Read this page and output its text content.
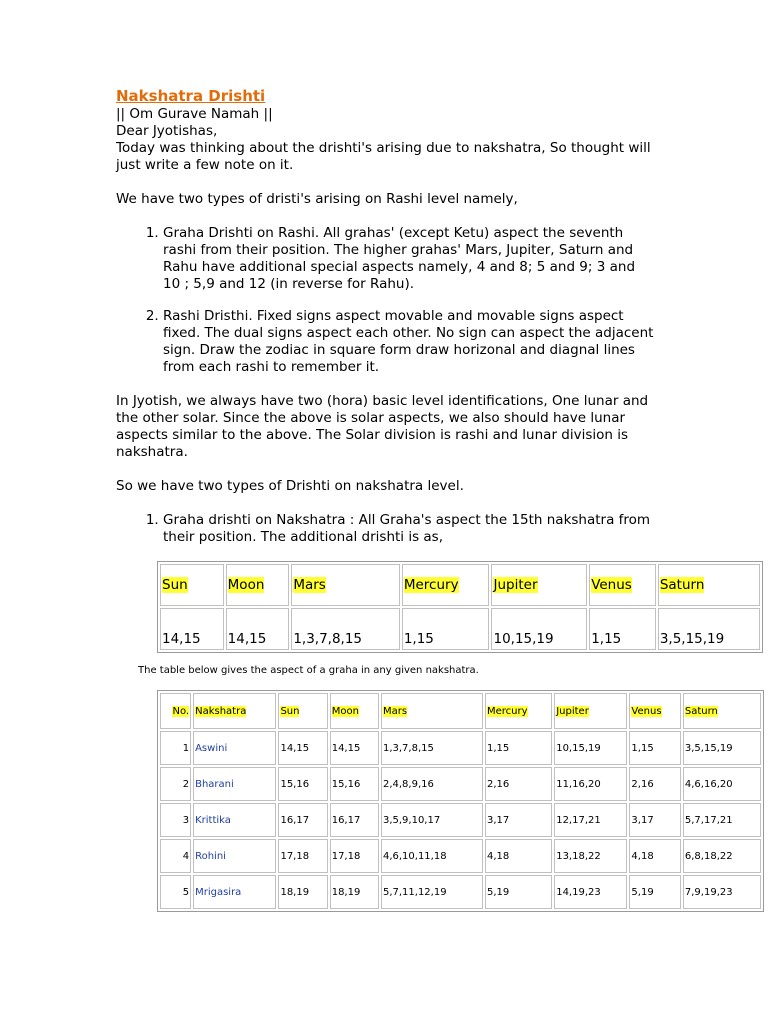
Nakshatra Drishti

|| Om Gurave Namah ||

Dear Jyotishas,

Today was thinking about the drishti's arising due to nakshatra, So thought will just write a few note on it.

We have two types of dristi's arising on Rashi level namely,

1. Graha Drishti on Rashi. All grahas' (except Ketu) aspect the seventh rashi from their position. The higher grahas' Mars, Jupiter, Saturn and Rahu have additional special aspects namely, 4 and 8; 5 and 9; 3 and 10 ; 5,9 and 12 (in reverse for Rahu).
2. Rashi Dristhi. Fixed signs aspect movable and movable signs aspect fixed. The dual signs aspect each other. No sign can aspect the adjacent sign. Draw the zodiac in square form draw horizonal and diagnal lines from each rashi to remember it.

In Jyotish, we always have two (hora) basic level identifications, One lunar and the other solar. Since the above is solar aspects, we also should have lunar aspects similar to the above. The Solar division is rashi and lunar division is nakshatra.

So we have two types of Drishti on nakshatra level.

1. Graha drishti on Nakshatra : All Graha's aspect the 15th nakshatra from their position. The additional drishti is as,
Sun	Moon	Mars	Mercury	Jupiter	Venus	Saturn
14,15	14,15	1,3,7,8,15	1,15	10,15,19	1,15	3,5,15,19
The table below gives the aspect of a graha in any given nakshatra.
No.	Nakshatra	Sun	Moon	Mars	Mercury	Jupiter	Venus	Saturn
1	Aswini	14,15	14,15	1,3,7,8,15	1,15	10,15,19	1,15	3,5,15,19
2	Bharani	15,16	15,16	2,4,8,9,16	2,16	11,16,20	2,16	4,6,16,20
3	Krittika	16,17	16,17	3,5,9,10,17	3,17	12,17,21	3,17	5,7,17,21
4	Rohini	17,18	17,18	4,6,10,11,18	4,18	13,18,22	4,18	6,8,18,22
5	Mrigasira	18,19	18,19	5,7,11,12,19	5,19	14,19,23	5,19	7,9,19,23
